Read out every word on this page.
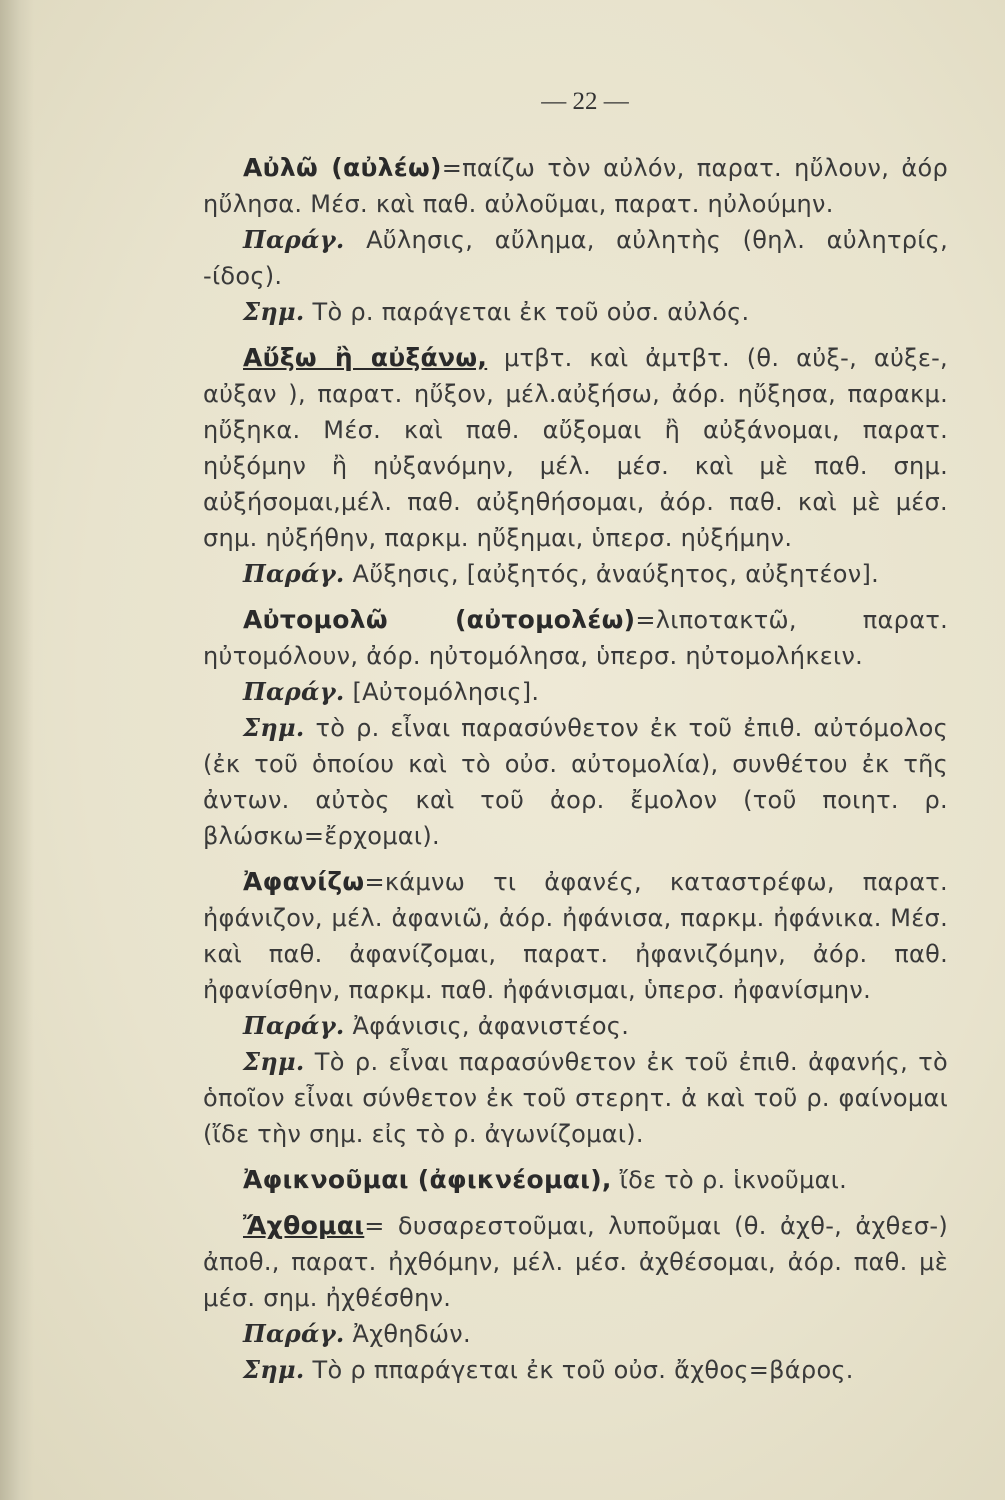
— 22 —

Αὐλῶ (αὐλέω)=παίζω τὸν αὐλόν, παρατ. ηὔλουν, ἀόρ ηὔλησα. Μέσ. καὶ παθ. αὐλοῦμαι, παρατ. ηὐλούμην.

Παράγ. Αὔλησις, αὔλημα, αὐλητὴς (θηλ. αὐλητρίς, -ίδος).

Σημ. Τὸ ρ. παράγεται ἐκ τοῦ οὐσ. αὐλός.

Αὔξω ἢ αὐξάνω, μτβτ. καὶ ἀμτβτ. (θ. αὐξ-, αὐξε-, αὐξαν ), παρατ. ηὔξον, μέλ.αὐξήσω, ἀόρ. ηὔξησα, παρακμ. ηὔξηκα. Μέσ. καὶ παθ. αὔξομαι ἢ αὐξάνομαι, παρατ. ηὐξόμην ἢ ηὐξανόμην, μέλ. μέσ. καὶ μὲ παθ. σημ. αὐξήσομαι,μέλ. παθ. αὐξηθήσομαι, ἀόρ. παθ. καὶ μὲ μέσ. σημ. ηὐξήθην, παρκμ. ηὔξημαι, ὑπερσ. ηὐξήμην.

Παράγ. Αὔξησις, [αὐξητός, ἀναύξητος, αὐξητέον].

Αὐτομολῶ (αὐτομολέω)=λιποτακτῶ, παρατ. ηὐτομόλουν, ἀόρ. ηὐτομόλησα, ὑπερσ. ηὐτομολήκειν.

Παράγ. [Αὐτομόλησις].

Σημ. τὸ ρ. εἶναι παρασύνθετον ἐκ τοῦ ἐπιθ. αὐτόμολος (ἐκ τοῦ ὁποίου καὶ τὸ οὐσ. αὐτομολία), συνθέτου ἐκ τῆς ἀντων. αὐτὸς καὶ τοῦ ἀορ. ἔμολον (τοῦ ποιητ. ρ. βλώσκω=ἔρχομαι).

Ἀφανίζω=κάμνω τι ἀφανές, καταστρέφω, παρατ. ἠφάνιζον, μέλ. ἀφανιῶ, ἀόρ. ἠφάνισα, παρκμ. ἠφάνικα. Μέσ. καὶ παθ. ἀφανίζομαι, παρατ. ἠφανιζόμην, ἀόρ. παθ. ἠφανίσθην, παρκμ. παθ. ἠφάνισμαι, ὑπερσ. ἠφανίσμην.

Παράγ. Ἀφάνισις, ἀφανιστέος.

Σημ. Τὸ ρ. εἶναι παρασύνθετον ἐκ τοῦ ἐπιθ. ἀφανής, τὸ ὁποῖον εἶναι σύνθετον ἐκ τοῦ στερητ. ἀ καὶ τοῦ ρ. φαίνομαι (ἴδε τὴν σημ. εἰς τὸ ρ. ἀγωνίζομαι).

Ἀφικνοῦμαι (ἀφικνέομαι), ἴδε τὸ ρ. ἱκνοῦμαι.

Ἄχθομαι= δυσαρεστοῦμαι, λυποῦμαι (θ. ἀχθ-, ἀχθεσ-) ἀποθ., παρατ. ἠχθόμην, μέλ. μέσ. ἀχθέσομαι, ἀόρ. παθ. μὲ μέσ. σημ. ἠχθέσθην.

Παράγ. Ἀχθηδών.

Σημ. Τὸ ρ ππαράγεται ἐκ τοῦ οὐσ. ἄχθος=βάρος.
